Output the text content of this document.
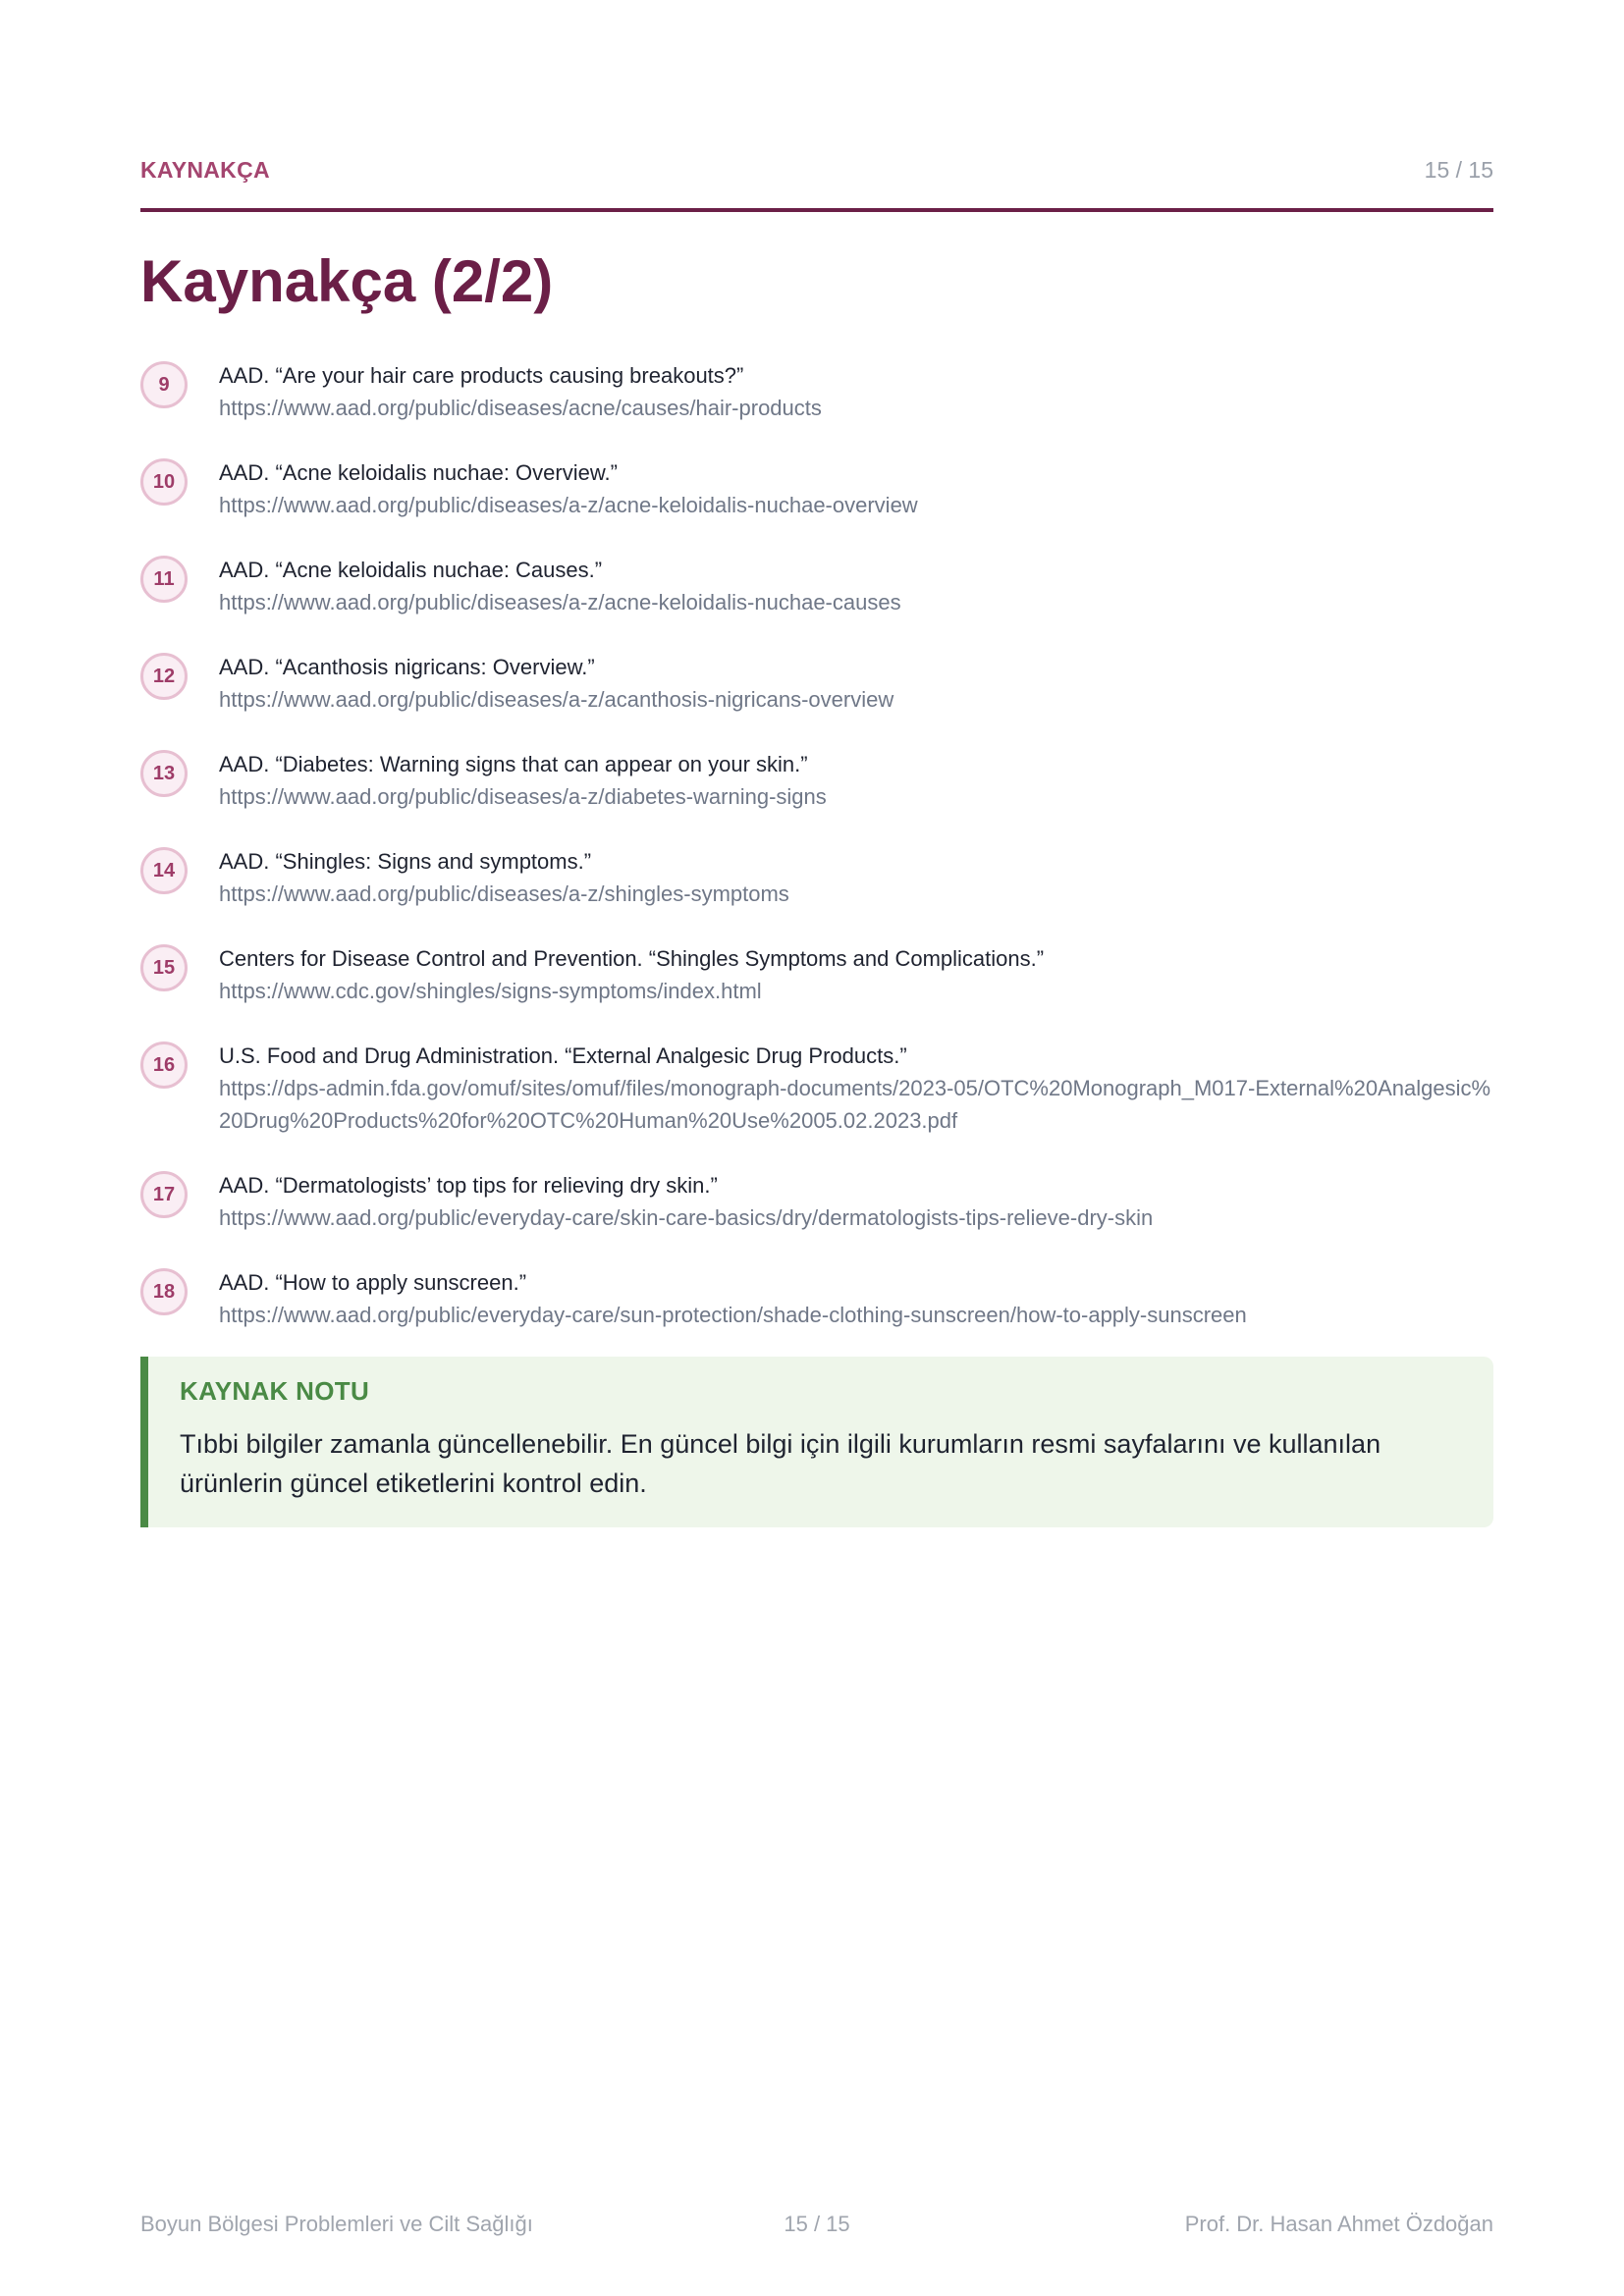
KAYNAKÇA	15 / 15
Kaynakça (2/2)
9	AAD. “Are your hair care products causing breakouts?”
https://www.aad.org/public/diseases/acne/causes/hair-products
10	AAD. “Acne keloidalis nuchae: Overview.”
https://www.aad.org/public/diseases/a-z/acne-keloidalis-nuchae-overview
11	AAD. “Acne keloidalis nuchae: Causes.”
https://www.aad.org/public/diseases/a-z/acne-keloidalis-nuchae-causes
12	AAD. “Acanthosis nigricans: Overview.”
https://www.aad.org/public/diseases/a-z/acanthosis-nigricans-overview
13	AAD. “Diabetes: Warning signs that can appear on your skin.”
https://www.aad.org/public/diseases/a-z/diabetes-warning-signs
14	AAD. “Shingles: Signs and symptoms.”
https://www.aad.org/public/diseases/a-z/shingles-symptoms
15	Centers for Disease Control and Prevention. “Shingles Symptoms and Complications.”
https://www.cdc.gov/shingles/signs-symptoms/index.html
16	U.S. Food and Drug Administration. “External Analgesic Drug Products.”
https://dps-admin.fda.gov/omuf/sites/omuf/files/monograph-documents/2023-05/OTC%20Monograph_M017-External%20Analgesic%20Drug%20Products%20for%20OTC%20Human%20Use%2005.02.2023.pdf
17	AAD. “Dermatologists’ top tips for relieving dry skin.”
https://www.aad.org/public/everyday-care/skin-care-basics/dry/dermatologists-tips-relieve-dry-skin
18	AAD. “How to apply sunscreen.”
https://www.aad.org/public/everyday-care/sun-protection/shade-clothing-sunscreen/how-to-apply-sunscreen
KAYNAK NOTU
Tıbbi bilgiler zamanla güncellenebilir. En güncel bilgi için ilgili kurumların resmi sayfalarını ve kullanılan ürünlerin güncel etiketlerini kontrol edin.
Boyun Bölgesi Problemleri ve Cilt Sağlığı	15 / 15	Prof. Dr. Hasan Ahmet Özdoğan
